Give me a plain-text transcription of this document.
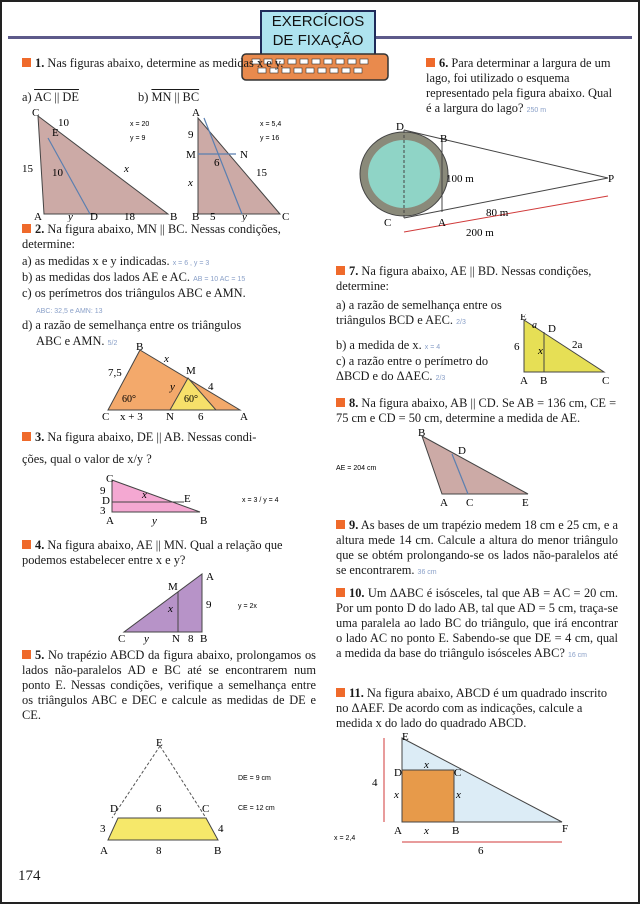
EXERCÍCIOS
DE FIXAÇÃO
1. Nas figuras abaixo, determine as medidas x e y.
a) AC || DE	b) MN || BC
C
E
10
15 10	x
A y D 18	B
x = 20
y = 9
A
9
M	N
x
6
15
B 5 y	C
x = 5,4
y = 16
2. Na figura abaixo, MN || BC. Nessas condições, determine:
a) as medidas x e y indicadas. x = 6 , y = 3
b) as medidas dos lados AE e AC. AB = 10 AC = 15
c) os perímetros dos triângulos ABC e AMN.
ABC: 32,5 e AMN: 13
d) a razão de semelhança entre os triângulos
ABC e AMN. 5/2	B
x
M
7,5
y	4
60°	60°
C x + 3 N 6	A
3. Na figura abaixo, DE || AB. Nessas condi-
ções, qual o valor de x/y ?
C
9
D	x	E
3
A	y	B
x = 3 / y = 4
4. Na figura abaixo, AE || MN. Qual a relação que podemos estabelecer entre x e y?
A
M
9
x
C y N 8 B
y = 2x
5. No trapézio ABCD da figura abaixo, prolongamos os lados não-paralelos AD e BC até se encontrarem num ponto E. Nessas condições, verifique a semelhança entre os triângulos ABC e DEC e calcule as medidas de DE e CE.
E
D	6	C
3	4
A	8	B
DE = 9 cm
CE = 12 cm
174
6. Para determinar a largura de um lago, foi utilizado o esquema representado pela figura abaixo. Qual é a largura do lago? 250 m
D
B
100 m	P
A
C
80 m
200 m
7. Na figura abaixo, AE || BD. Nessas condições, determine:
a) a razão de semelhança entre os triângulos BCD e AEC. 2/3
b) a medida de x. x = 4
c) a razão entre o perímetro do ΔBCD e do ΔAEC. 2/3
E
a D
6 x	2a
A B	C
8. Na figura abaixo, AB || CD. Se AB = 136 cm, CE = 75 cm e CD = 50 cm, determine a medida de AE.
B
D
AE = 204 cm
A C	E
9. As bases de um trapézio medem 18 cm e 25 cm, e a altura mede 14 cm. Calcule a altura do menor triângulo que se obtém prolongando-se os lados não-paralelos até se encontrarem. 36 cm
10. Um ΔABC é isósceles, tal que AB = AC = 20 cm. Por um ponto D do lado AB, tal que AD = 5 cm, traça-se uma paralela ao lado BC do triângulo, que irá encontrar o lado AC no ponto E. Sabendo-se que DE = 4 cm, qual a medida da base do triângulo isósceles ABC? 16 cm
11. Na figura abaixo, ABCD é um quadrado inscrito no ΔAEF. De acordo com as indicações, calcule a medida x do lado do quadrado ABCD.
E
D
x
C
4
x	x
A x B	F
6
x = 2,4
